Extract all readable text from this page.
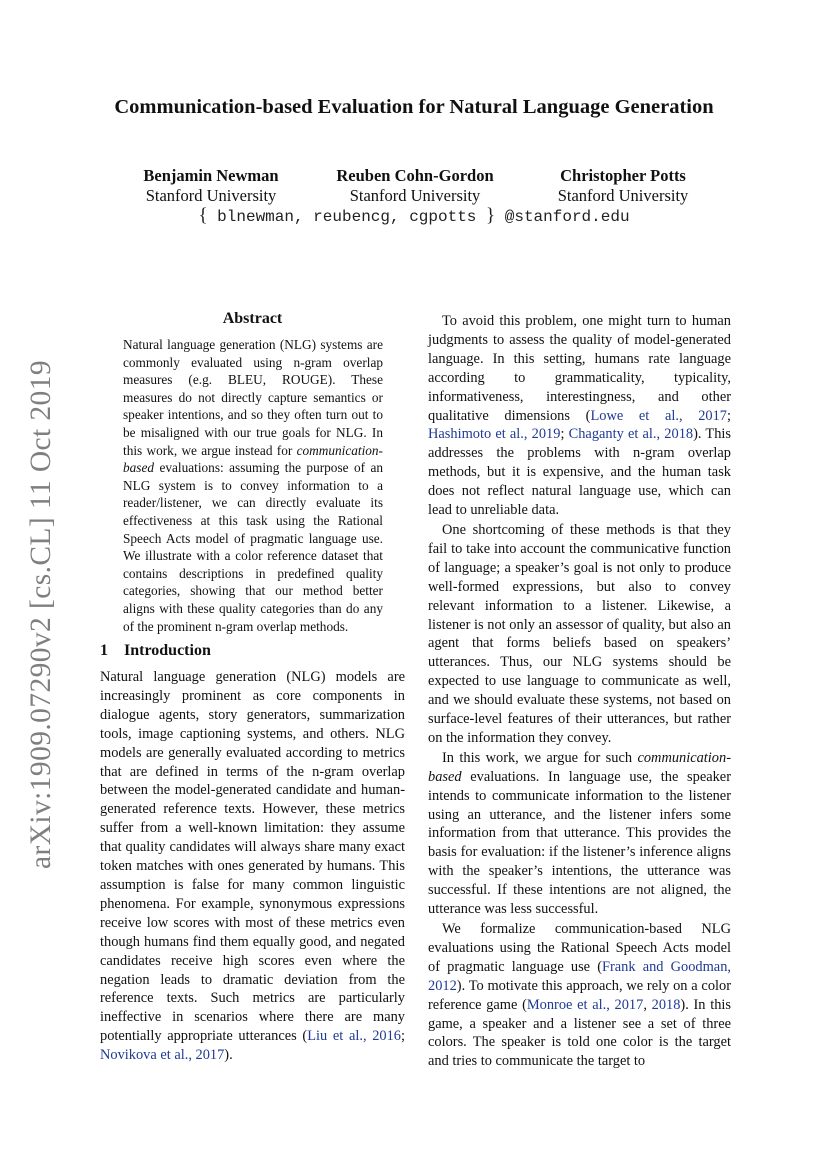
arXiv:1909.07290v2 [cs.CL] 11 Oct 2019
Communication-based Evaluation for Natural Language Generation
Benjamin Newman
Stanford University
Reuben Cohn-Gordon
Stanford University
Christopher Potts
Stanford University
{ blnewman, reubencg, cgpotts } @stanford.edu
Abstract
Natural language generation (NLG) systems are commonly evaluated using n-gram overlap measures (e.g. BLEU, ROUGE). These measures do not directly capture semantics or speaker intentions, and so they often turn out to be misaligned with our true goals for NLG. In this work, we argue instead for communication-based evaluations: assuming the purpose of an NLG system is to convey information to a reader/listener, we can directly evaluate its effectiveness at this task using the Rational Speech Acts model of pragmatic language use. We illustrate with a color reference dataset that contains descriptions in predefined quality categories, showing that our method better aligns with these quality categories than do any of the prominent n-gram overlap methods.
1 Introduction

Natural language generation (NLG) models are increasingly prominent as core components in dialogue agents, story generators, summarization tools, image captioning systems, and others. NLG models are generally evaluated according to metrics that are defined in terms of the n-gram overlap between the model-generated candidate and human-generated reference texts. However, these metrics suffer from a well-known limitation: they assume that quality candidates will always share many exact token matches with ones generated by humans. This assumption is false for many common linguistic phenomena. For example, synonymous expressions receive low scores with most of these metrics even though humans find them equally good, and negated candidates receive high scores even where the negation leads to dramatic deviation from the reference texts. Such metrics are particularly ineffective in scenarios where there are many potentially appropriate utterances (Liu et al., 2016; Novikova et al., 2017).

To avoid this problem, one might turn to human judgments to assess the quality of model-generated language. In this setting, humans rate language according to grammaticality, typicality, informativeness, interestingness, and other qualitative dimensions (Lowe et al., 2017; Hashimoto et al., 2019; Chaganty et al., 2018). This addresses the problems with n-gram overlap methods, but it is expensive, and the human task does not reflect natural language use, which can lead to unreliable data.

One shortcoming of these methods is that they fail to take into account the communicative function of language; a speaker’s goal is not only to produce well-formed expressions, but also to convey relevant information to a listener. Likewise, a listener is not only an assessor of quality, but also an agent that forms beliefs based on speakers’ utterances. Thus, our NLG systems should be expected to use language to communicate as well, and we should evaluate these systems, not based on surface-level features of their utterances, but rather on the information they convey.

In this work, we argue for such communication-based evaluations. In language use, the speaker intends to communicate information to the listener using an utterance, and the listener infers some information from that utterance. This provides the basis for evaluation: if the listener’s inference aligns with the speaker’s intentions, the utterance was successful. If these intentions are not aligned, the utterance was less successful.

We formalize communication-based NLG evaluations using the Rational Speech Acts model of pragmatic language use (Frank and Goodman, 2012). To motivate this approach, we rely on a color reference game (Monroe et al., 2017, 2018). In this game, a speaker and a listener see a set of three colors. The speaker is told one color is the target and tries to communicate the target to
